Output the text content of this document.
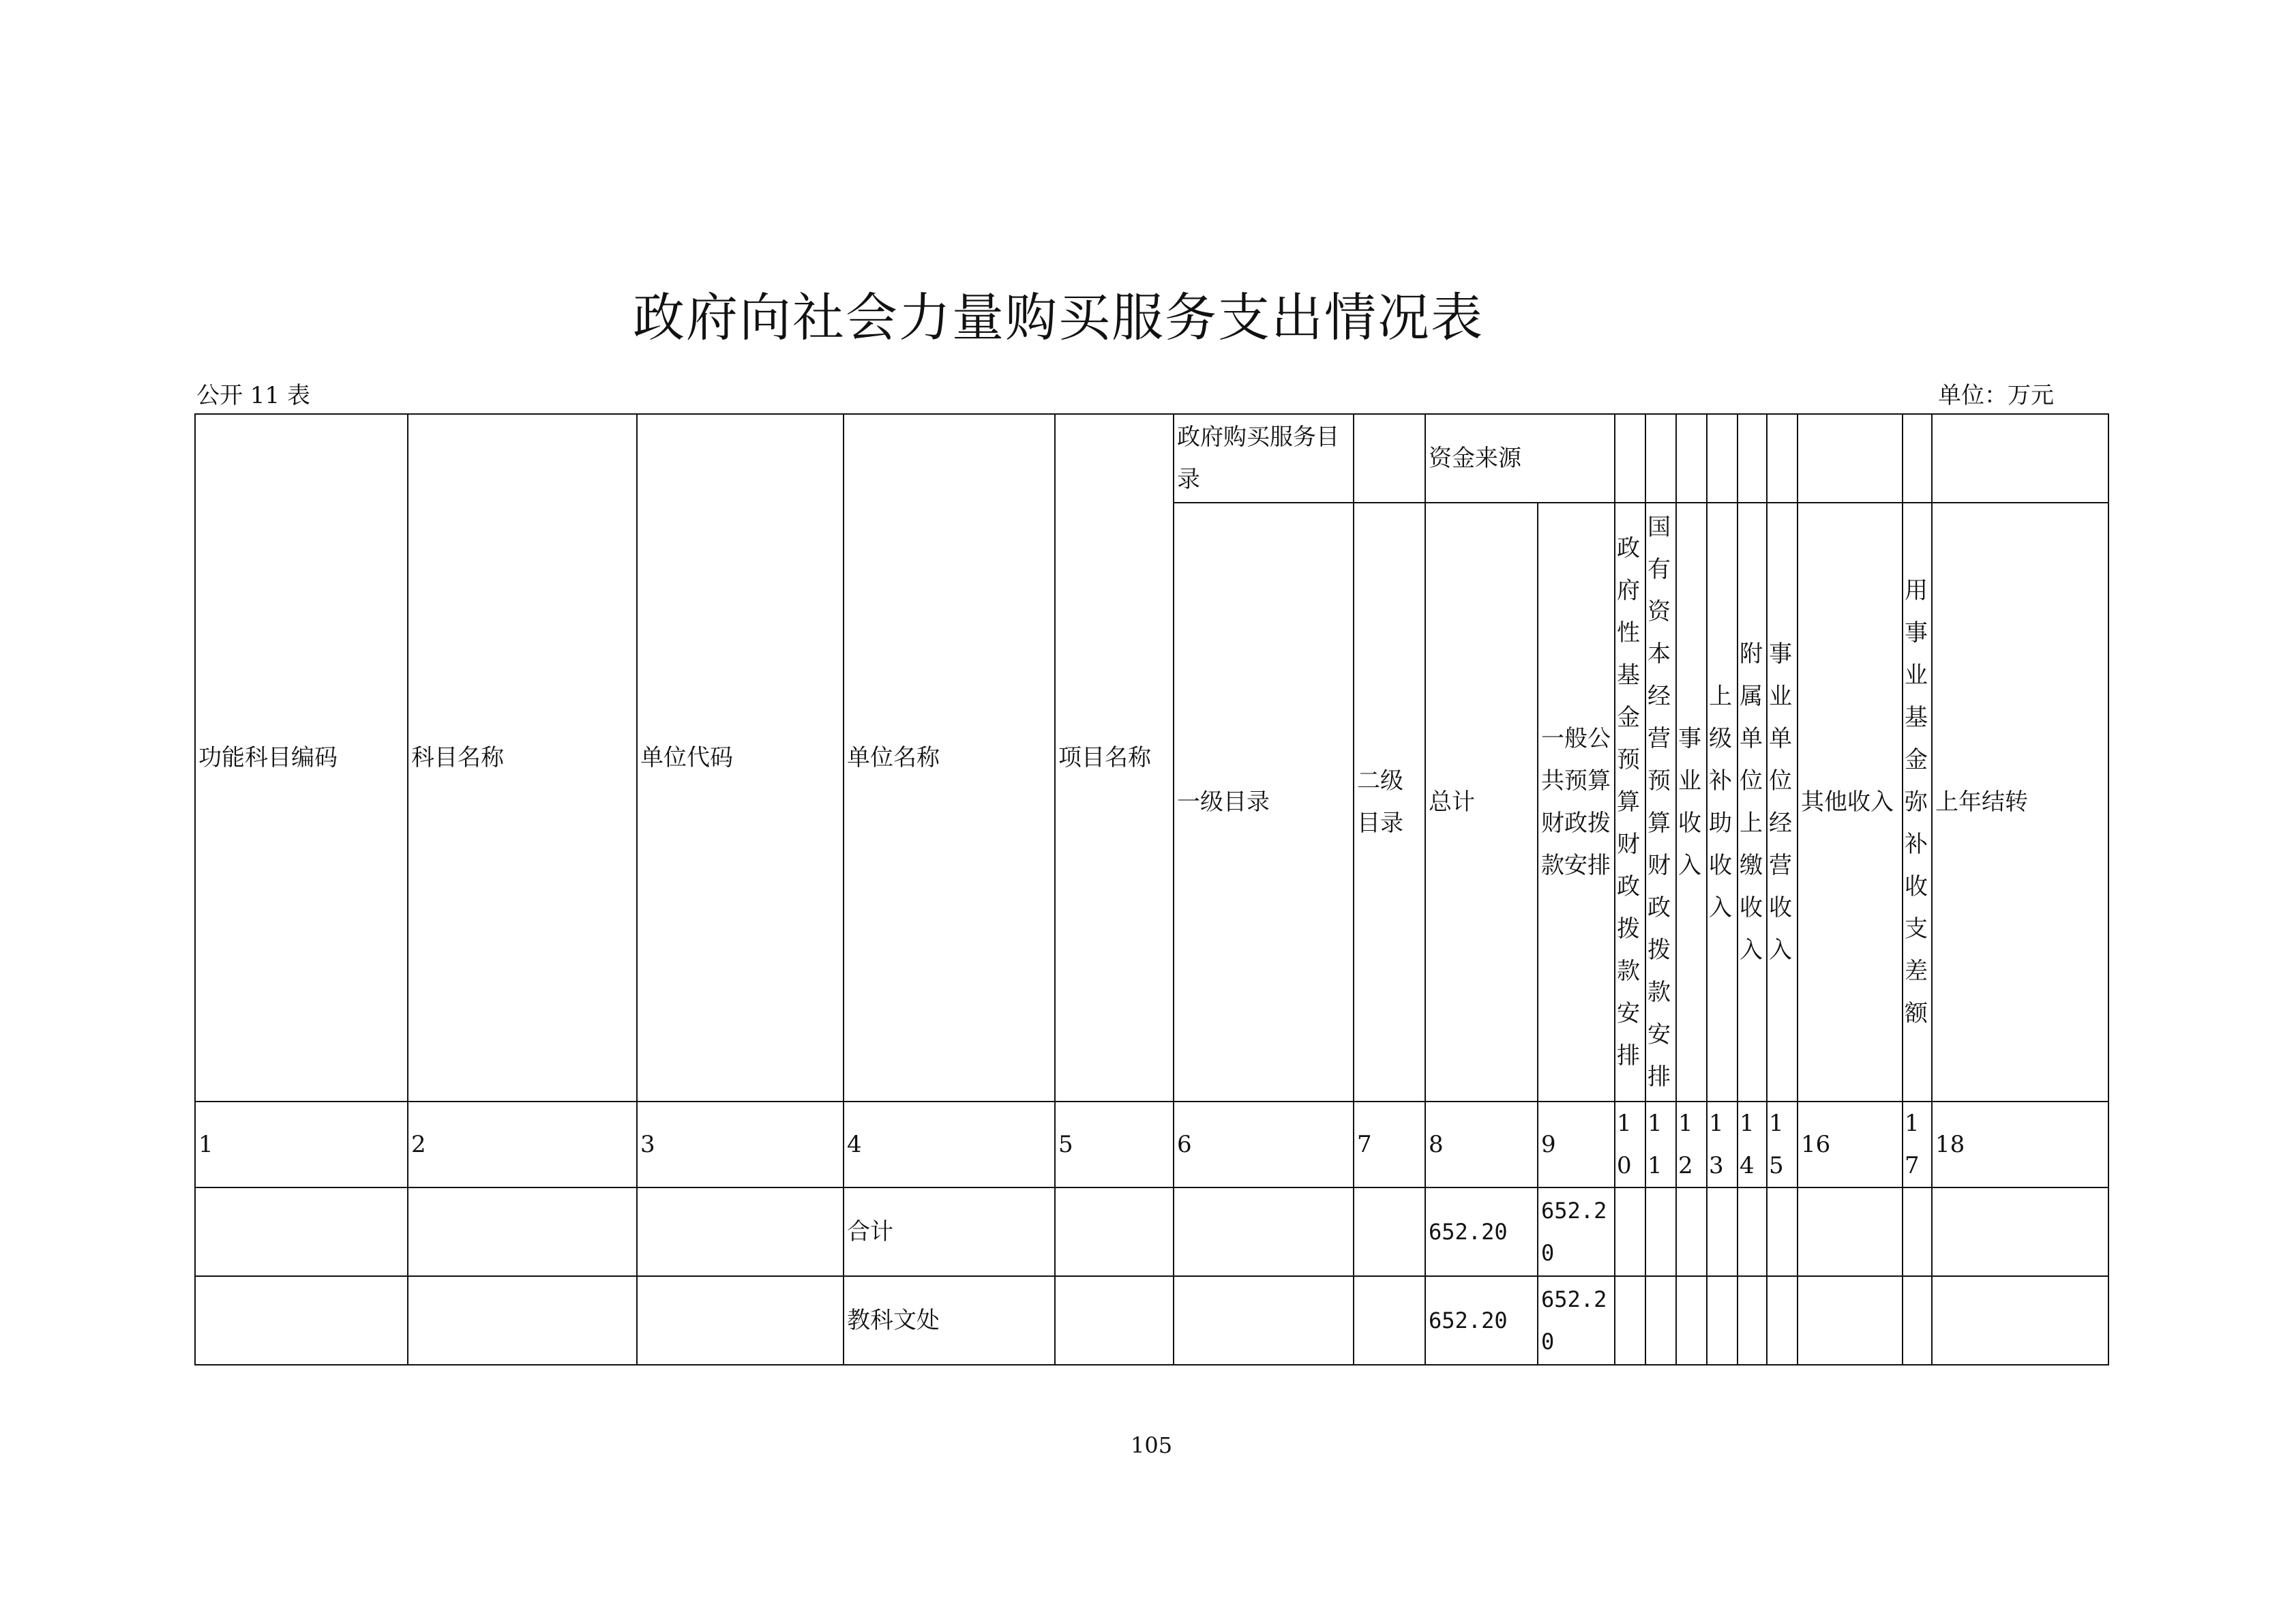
政府向社会力量购买服务支出情况表
公开 11 表	单位：万元
功能科目编码	科目名称	单位代码	单位名称	项目名称	政府购买服务目录		资金来源										
					一级目录	二级目录	总计	一般公共预算财政拨款安排	政府性基金预算财政拨款安排	国有资本经营预算财政拨款安排	事业收入	上级补助收入	附属单位上缴收入	事业单位经营收入	其他收入	用事业基金弥补收支差额	上年结转
1	2	3	4	5	6	7	8	9	10	11	12	13	14	15	16	17	18
			合计				652.20	652.20									
			教科文处				652.20	652.20									
105
